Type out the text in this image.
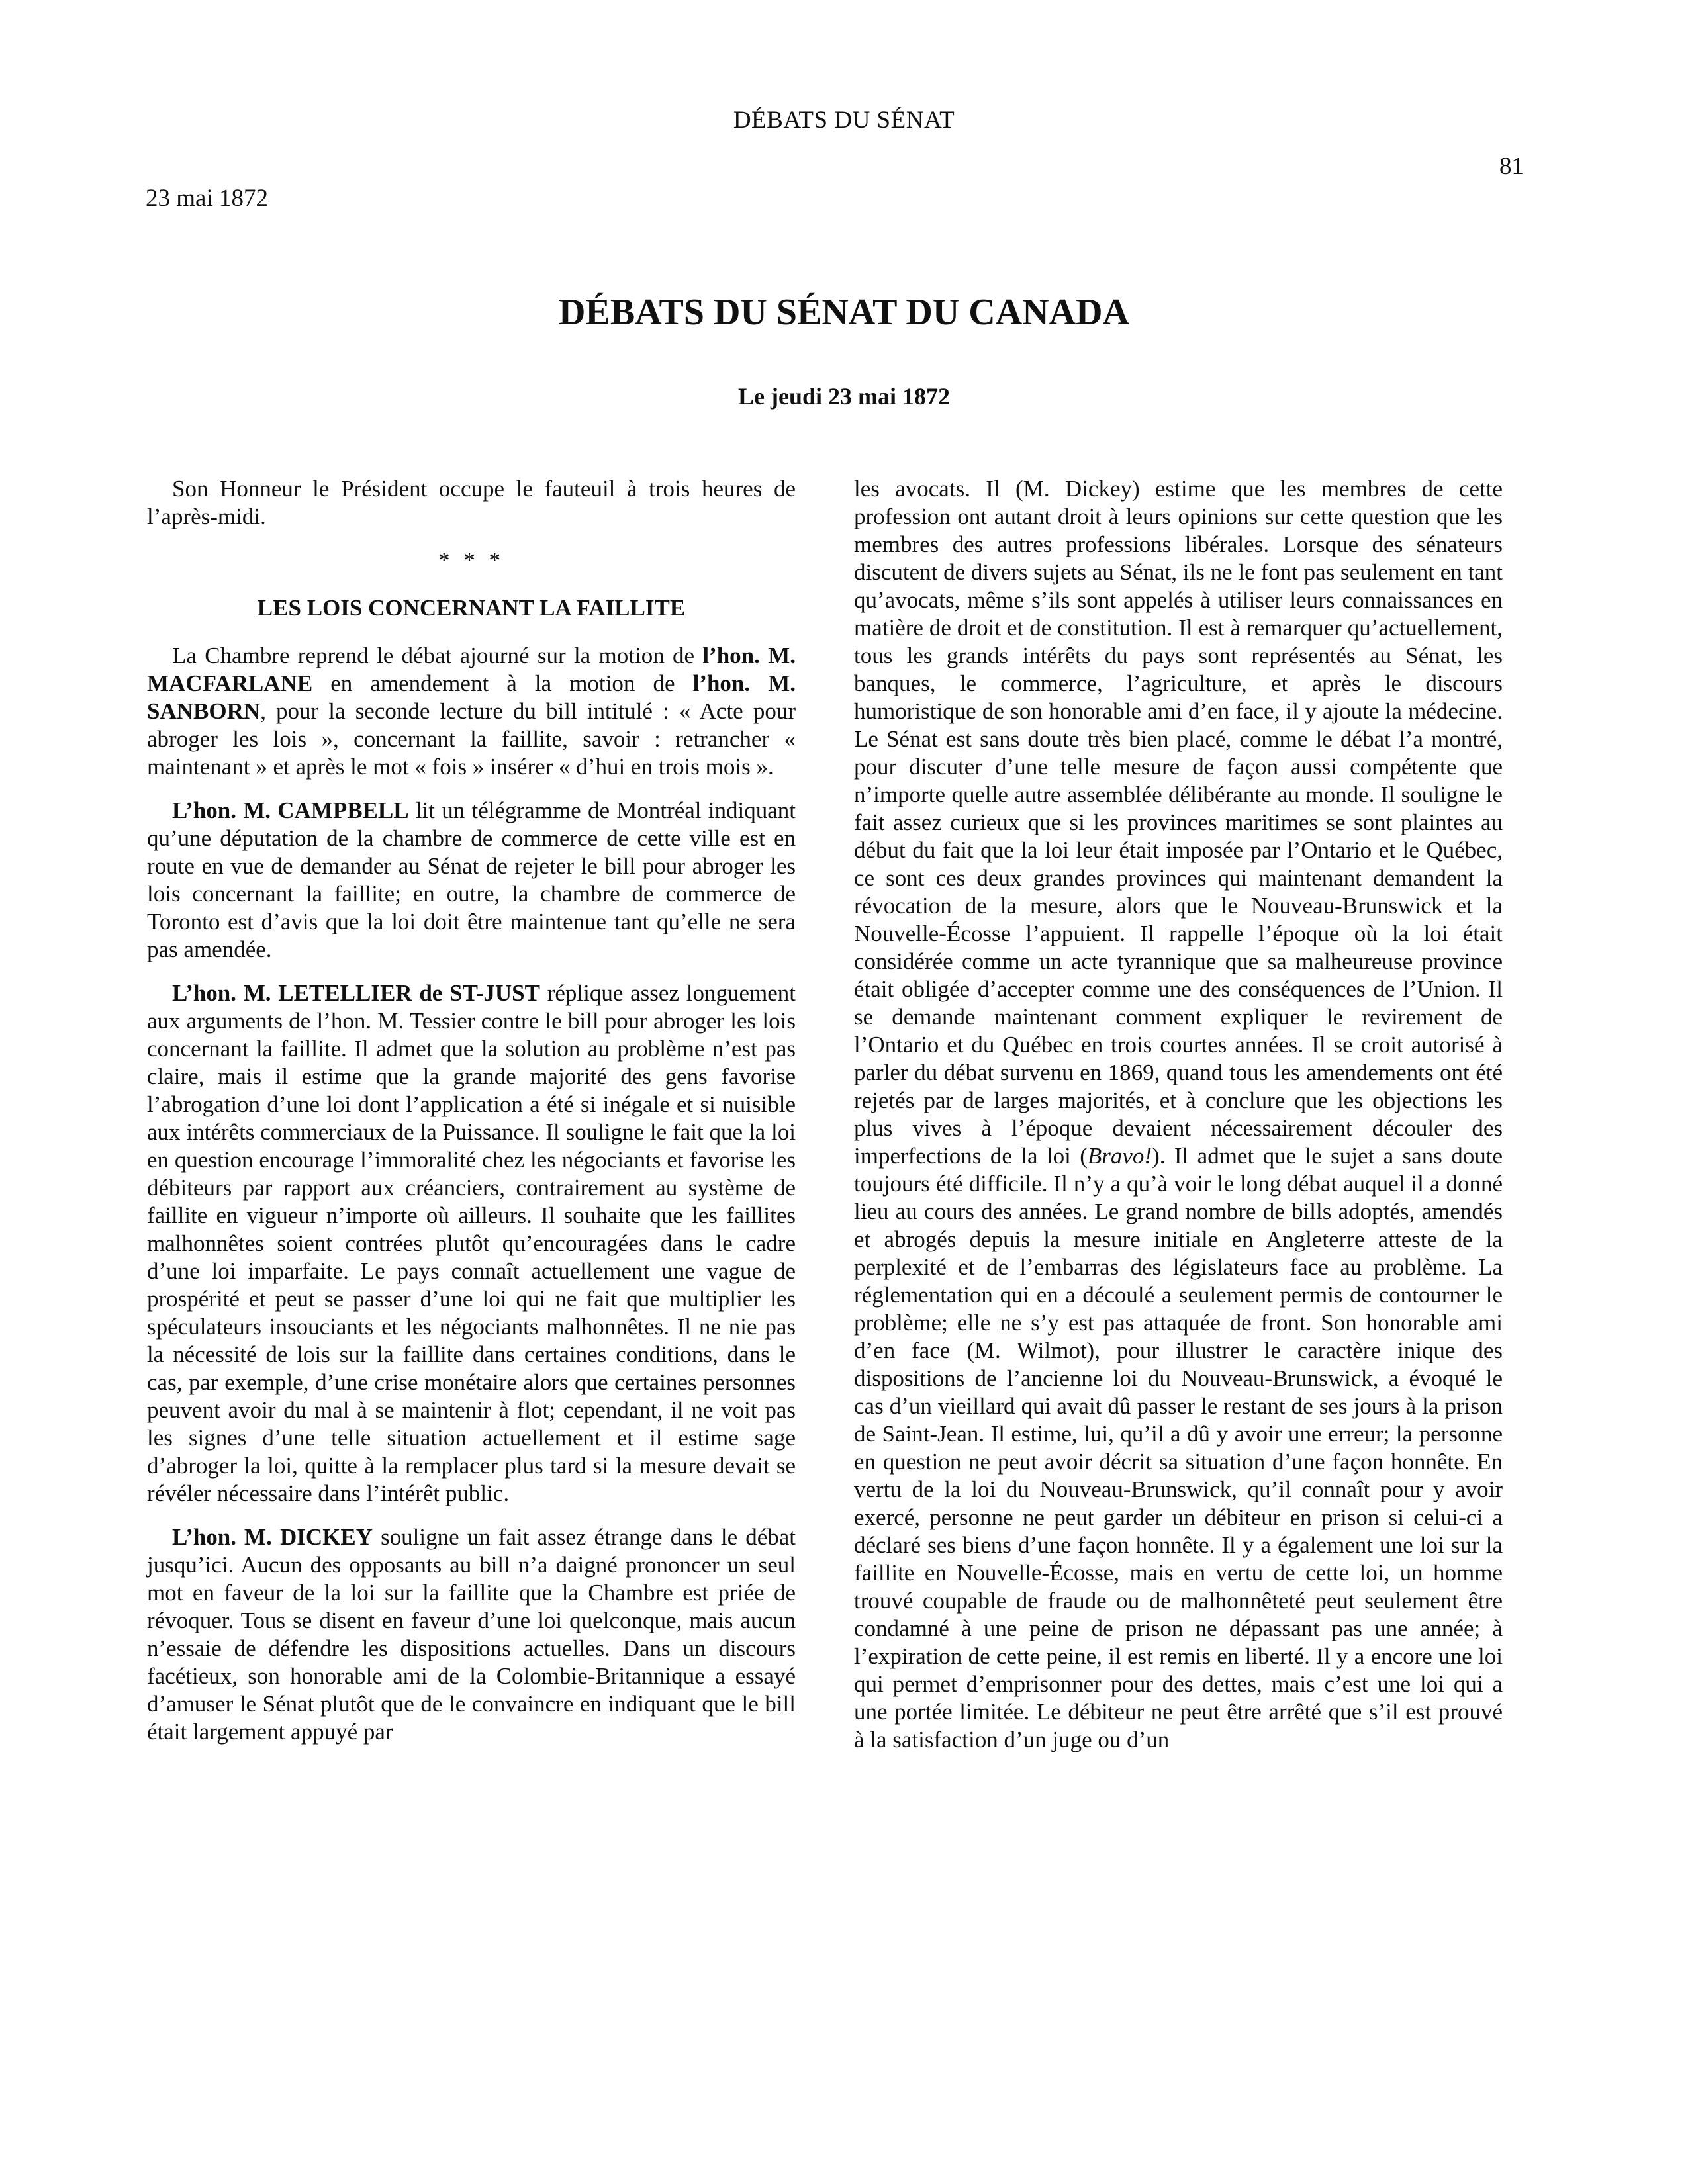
DÉBATS DU SÉNAT
81
23 mai 1872
DÉBATS DU SÉNAT DU CANADA
Le jeudi 23 mai 1872

Son Honneur le Président occupe le fauteuil à trois heures de l’après-midi.

* * *

LES LOIS CONCERNANT LA FAILLITE

La Chambre reprend le débat ajourné sur la motion de l’hon. M. MACFARLANE en amendement à la motion de l’hon. M. SANBORN, pour la seconde lecture du bill intitulé : « Acte pour abroger les lois », concernant la faillite, savoir : retrancher « maintenant » et après le mot « fois » insérer « d’hui en trois mois ».

L’hon. M. CAMPBELL lit un télégramme de Montréal indiquant qu’une députation de la chambre de commerce de cette ville est en route en vue de demander au Sénat de rejeter le bill pour abroger les lois concernant la faillite; en outre, la chambre de commerce de Toronto est d’avis que la loi doit être maintenue tant qu’elle ne sera pas amendée.

L’hon. M. LETELLIER de ST-JUST réplique assez longuement aux arguments de l’hon. M. Tessier contre le bill pour abroger les lois concernant la faillite. Il admet que la solution au problème n’est pas claire, mais il estime que la grande majorité des gens favorise l’abrogation d’une loi dont l’application a été si inégale et si nuisible aux intérêts commerciaux de la Puissance. Il souligne le fait que la loi en question encourage l’immoralité chez les négociants et favorise les débiteurs par rapport aux créanciers, contrairement au système de faillite en vigueur n’importe où ailleurs. Il souhaite que les faillites malhonnêtes soient contrées plutôt qu’encouragées dans le cadre d’une loi imparfaite. Le pays connaît actuellement une vague de prospérité et peut se passer d’une loi qui ne fait que multiplier les spéculateurs insouciants et les négociants malhonnêtes. Il ne nie pas la nécessité de lois sur la faillite dans certaines conditions, dans le cas, par exemple, d’une crise monétaire alors que certaines personnes peuvent avoir du mal à se maintenir à flot; cependant, il ne voit pas les signes d’une telle situation actuellement et il estime sage d’abroger la loi, quitte à la remplacer plus tard si la mesure devait se révéler nécessaire dans l’intérêt public.

L’hon. M. DICKEY souligne un fait assez étrange dans le débat jusqu’ici. Aucun des opposants au bill n’a daigné prononcer un seul mot en faveur de la loi sur la faillite que la Chambre est priée de révoquer. Tous se disent en faveur d’une loi quelconque, mais aucun n’essaie de défendre les dispositions actuelles. Dans un discours facétieux, son honorable ami de la Colombie-Britannique a essayé d’amuser le Sénat plutôt que de le convaincre en indiquant que le bill était largement appuyé par

les avocats. Il (M. Dickey) estime que les membres de cette profession ont autant droit à leurs opinions sur cette question que les membres des autres professions libérales. Lorsque des sénateurs discutent de divers sujets au Sénat, ils ne le font pas seulement en tant qu’avocats, même s’ils sont appelés à utiliser leurs connaissances en matière de droit et de constitution. Il est à remarquer qu’actuellement, tous les grands intérêts du pays sont représentés au Sénat, les banques, le commerce, l’agriculture, et après le discours humoristique de son honorable ami d’en face, il y ajoute la médecine. Le Sénat est sans doute très bien placé, comme le débat l’a montré, pour discuter d’une telle mesure de façon aussi compétente que n’importe quelle autre assemblée délibérante au monde. Il souligne le fait assez curieux que si les provinces maritimes se sont plaintes au début du fait que la loi leur était imposée par l’Ontario et le Québec, ce sont ces deux grandes provinces qui maintenant demandent la révocation de la mesure, alors que le Nouveau-Brunswick et la Nouvelle-Écosse l’appuient. Il rappelle l’époque où la loi était considérée comme un acte tyrannique que sa malheureuse province était obligée d’accepter comme une des conséquences de l’Union. Il se demande maintenant comment expliquer le revirement de l’Ontario et du Québec en trois courtes années. Il se croit autorisé à parler du débat survenu en 1869, quand tous les amendements ont été rejetés par de larges majorités, et à conclure que les objections les plus vives à l’époque devaient nécessairement découler des imperfections de la loi (Bravo!). Il admet que le sujet a sans doute toujours été difficile. Il n’y a qu’à voir le long débat auquel il a donné lieu au cours des années. Le grand nombre de bills adoptés, amendés et abrogés depuis la mesure initiale en Angleterre atteste de la perplexité et de l’embarras des législateurs face au problème. La réglementation qui en a découlé a seulement permis de contourner le problème; elle ne s’y est pas attaquée de front. Son honorable ami d’en face (M. Wilmot), pour illustrer le caractère inique des dispositions de l’ancienne loi du Nouveau-Brunswick, a évoqué le cas d’un vieillard qui avait dû passer le restant de ses jours à la prison de Saint-Jean. Il estime, lui, qu’il a dû y avoir une erreur; la personne en question ne peut avoir décrit sa situation d’une façon honnête. En vertu de la loi du Nouveau-Brunswick, qu’il connaît pour y avoir exercé, personne ne peut garder un débiteur en prison si celui-ci a déclaré ses biens d’une façon honnête. Il y a également une loi sur la faillite en Nouvelle-Écosse, mais en vertu de cette loi, un homme trouvé coupable de fraude ou de malhonnêteté peut seulement être condamné à une peine de prison ne dépassant pas une année; à l’expiration de cette peine, il est remis en liberté. Il y a encore une loi qui permet d’emprisonner pour des dettes, mais c’est une loi qui a une portée limitée. Le débiteur ne peut être arrêté que s’il est prouvé à la satisfaction d’un juge ou d’un
